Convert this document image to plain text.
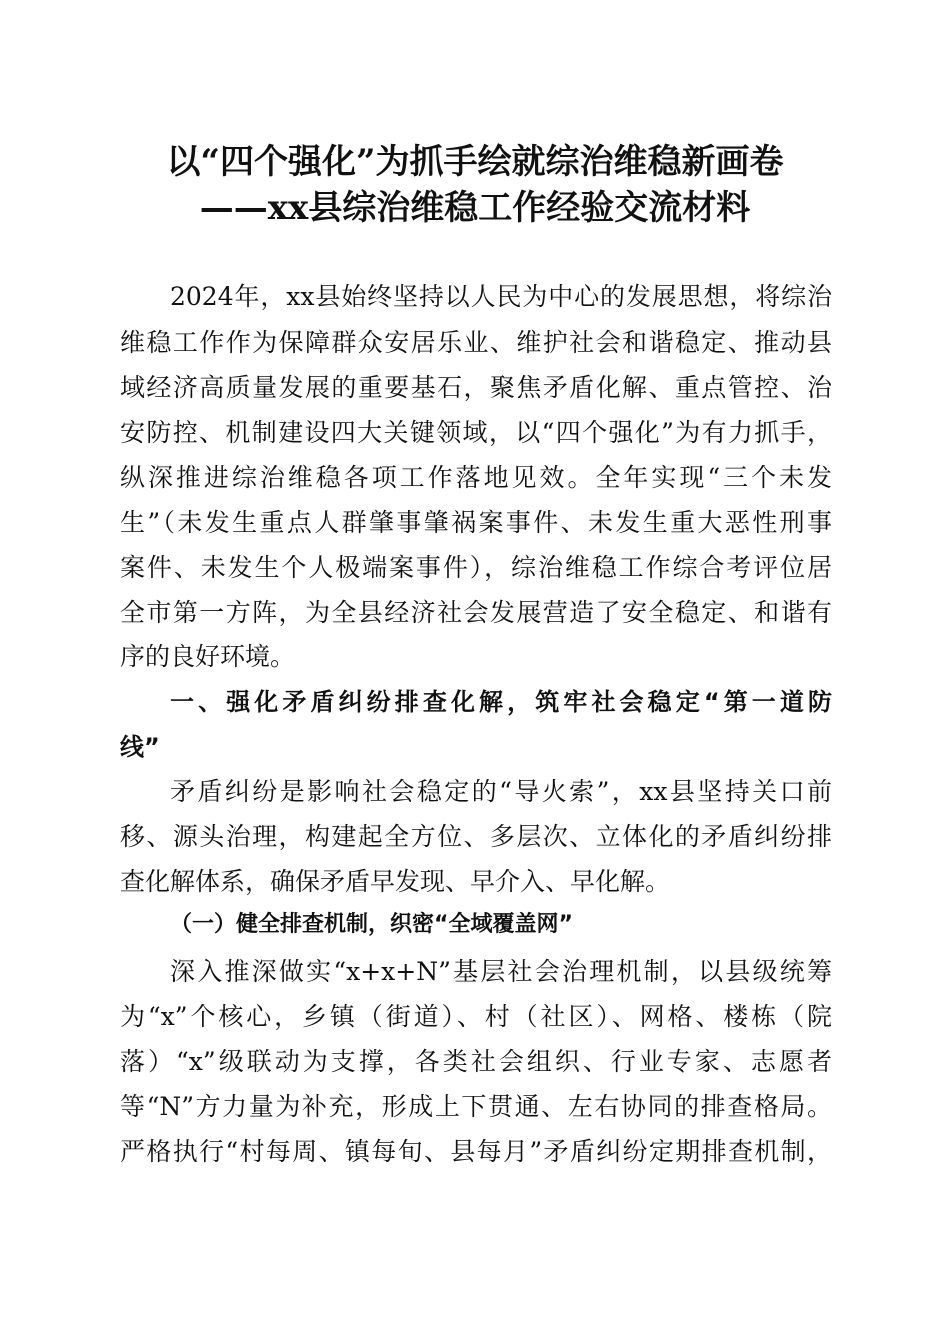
以“四个强化”为抓手绘就综治维稳新画卷
——xx县综治维稳工作经验交流材料
2024年，xx县始终坚持以人民为中心的发展思想，将综治
维稳工作作为保障群众安居乐业、维护社会和谐稳定、推动县
域经济高质量发展的重要基石，聚焦矛盾化解、重点管控、治
安防控、机制建设四大关键领域，以“四个强化”为有力抓手，
纵深推进综治维稳各项工作落地见效。全年实现“三个未发
生”（未发生重点人群肇事肇祸案事件、未发生重大恶性刑事
案件、未发生个人极端案事件），综治维稳工作综合考评位居
全市第一方阵，为全县经济社会发展营造了安全稳定、和谐有
序的良好环境。
一、强化矛盾纠纷排查化解，筑牢社会稳定“第一道防
线”
矛盾纠纷是影响社会稳定的“导火索”，xx县坚持关口前
移、源头治理，构建起全方位、多层次、立体化的矛盾纠纷排
查化解体系，确保矛盾早发现、早介入、早化解。
（一）健全排查机制，织密“全域覆盖网”
深入推深做实“x+x+N”基层社会治理机制，以县级统筹
为“x”个核心，乡镇（街道）、村（社区）、网格、楼栋（院
落）“x”级联动为支撑，各类社会组织、行业专家、志愿者
等“N”方力量为补充，形成上下贯通、左右协同的排查格局。
严格执行“村每周、镇每旬、县每月”矛盾纠纷定期排查机制，
